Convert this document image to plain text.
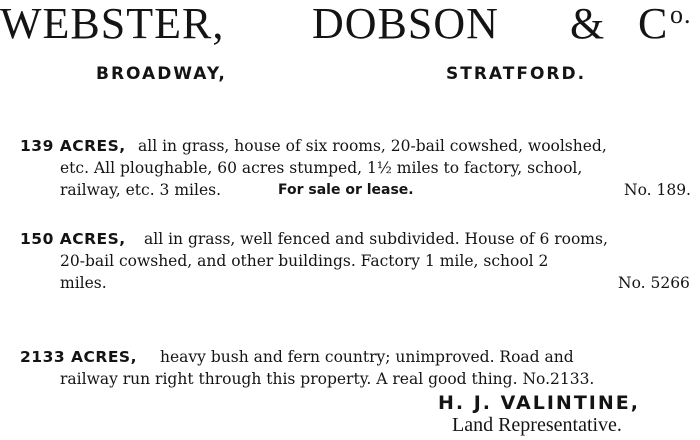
WEBSTER, DOBSON & C o.
BROADWAY,	STRATFORD.
139 ACRES, all in grass, house of six rooms, 20-bail cowshed, woolshed,
etc. All ploughable, 60 acres stumped, 1½ miles to factory, school,
railway, etc. 3 miles.	For sale or lease.	No. 189.
150 ACRES, all in grass, well fenced and subdivided. House of 6 rooms,
20-bail cowshed, and other buildings. Factory 1 mile, school 2
miles.	No. 5266
2133 ACRES, heavy bush and fern country; unimproved. Road and
railway run right through this property. A real good thing. No.2133.
H. J. VALINTINE,
Land Representative.
